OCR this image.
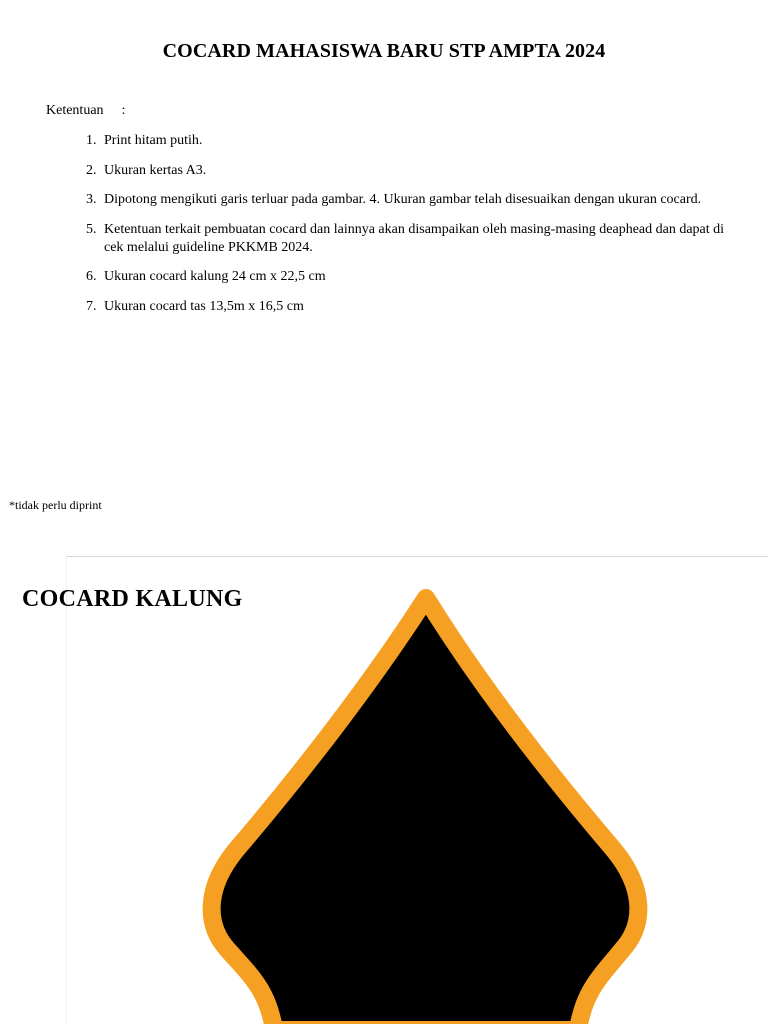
COCARD MAHASISWA BARU STP AMPTA 2024
Ketentuan :
1. Print hitam putih.
2. Ukuran kertas A3.
3. Dipotong mengikuti garis terluar pada gambar. 4. Ukuran gambar telah disesuaikan dengan ukuran cocard.
5. Ketentuan terkait pembuatan cocard dan lainnya akan disampaikan oleh masing-masing deaphead dan dapat di cek melalui guideline PKKMB 2024.
6. Ukuran cocard kalung 24 cm x 22,5 cm
7. Ukuran cocard tas 13,5m x 16,5 cm
*tidak perlu diprint
COCARD KALUNG
